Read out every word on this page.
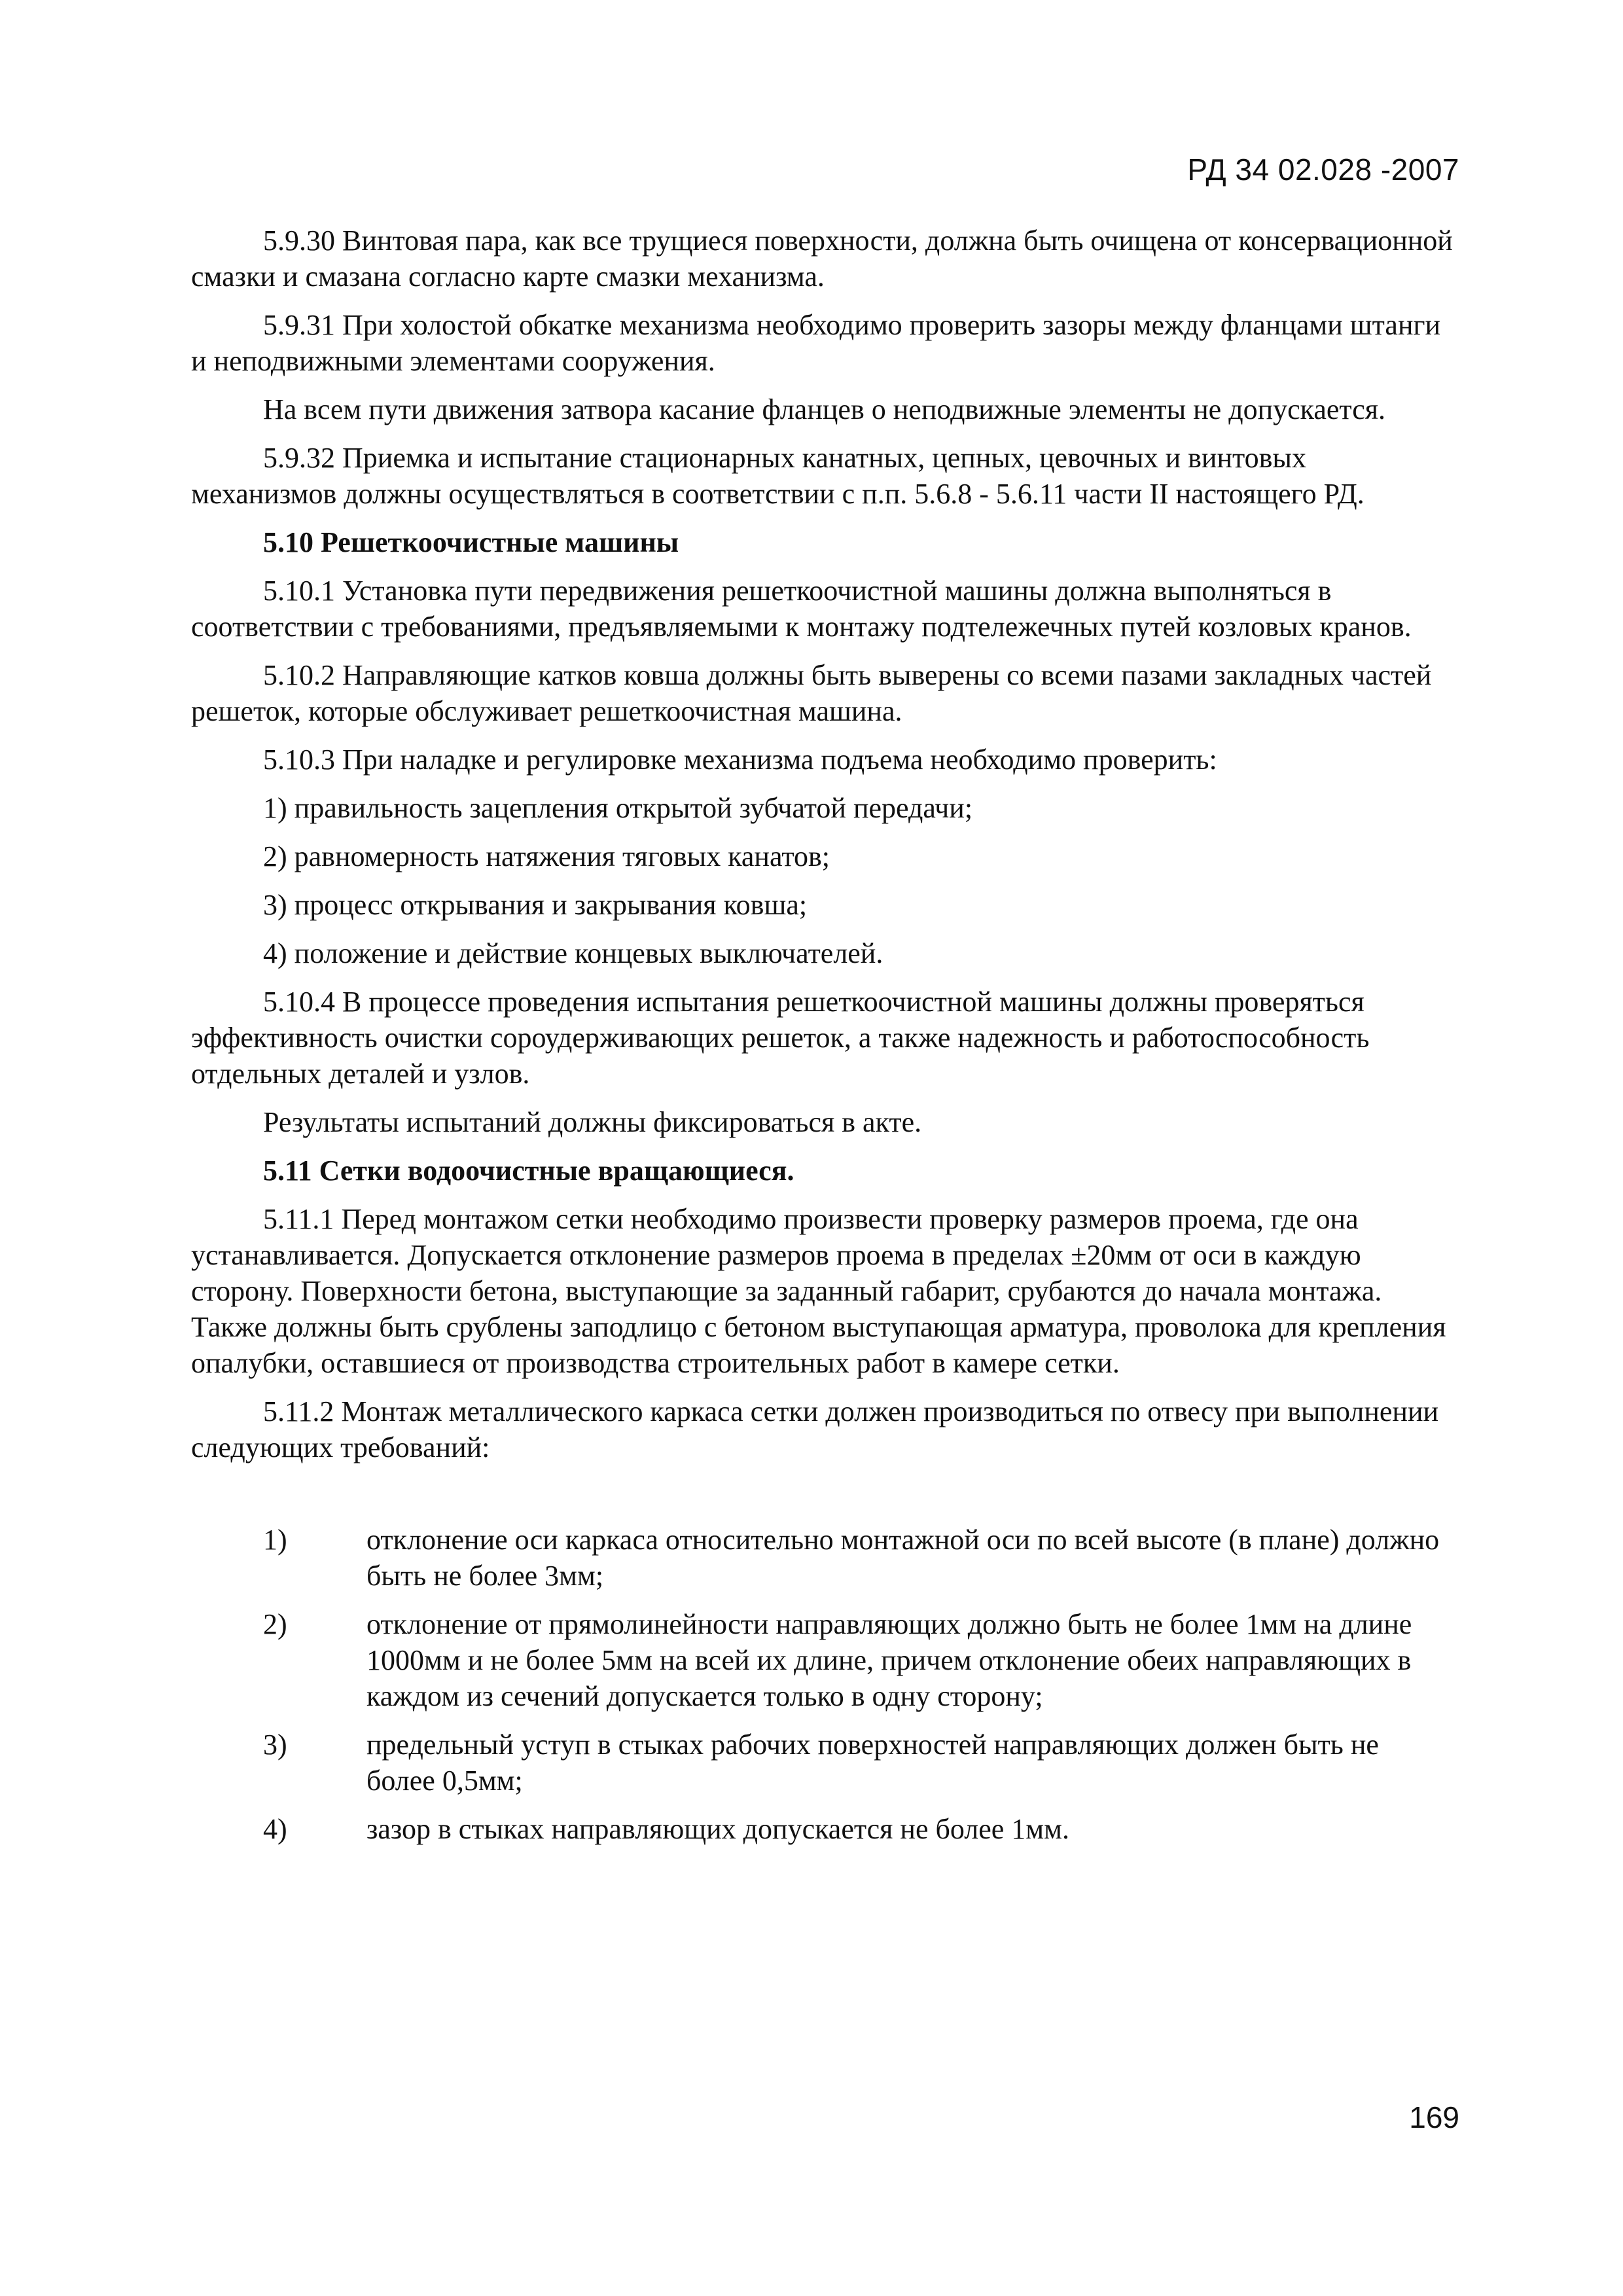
РД 34 02.028 -2007

5.9.30 Винтовая пара, как все трущиеся поверхности, должна быть очищена от консервационной смазки и смазана согласно карте смазки механизма.

5.9.31 При холостой обкатке механизма необходимо проверить зазоры между фланцами штанги и неподвижными элементами сооружения.

На всем пути движения затвора касание фланцев о неподвижные элементы не допускается.

5.9.32 Приемка и испытание стационарных канатных, цепных, цевочных и винтовых механизмов должны осуществляться в соответствии с п.п. 5.6.8 - 5.6.11 части II настоящего РД.

5.10 Решеткоочистные машины

5.10.1 Установка пути передвижения решеткоочистной машины должна выполняться в соответствии с требованиями, предъявляемыми к монтажу подтележечных путей козловых кранов.

5.10.2 Направляющие катков ковша должны быть выверены со всеми пазами закладных частей решеток, которые обслуживает решеткоочистная машина.

5.10.3 При наладке и регулировке механизма подъема необходимо проверить:

1) правильность зацепления открытой зубчатой передачи;

2) равномерность натяжения тяговых канатов;

3) процесс открывания и закрывания ковша;

4) положение и действие концевых выключателей.

5.10.4 В процессе проведения испытания решеткоочистной машины должны проверяться эффективность очистки сороудерживающих решеток, а также надежность и работоспособность отдельных деталей и узлов.

Результаты испытаний должны фиксироваться в акте.

5.11 Сетки водоочистные вращающиеся.

5.11.1 Перед монтажом сетки необходимо произвести проверку размеров проема, где она устанавливается. Допускается отклонение размеров проема в пределах ±20мм от оси в каждую сторону. Поверхности бетона, выступающие за заданный габарит, срубаются до начала монтажа. Также должны быть срублены заподлицо с бетоном выступающая арматура, проволока для крепления опалубки, оставшиеся от производства строительных работ в камере сетки.

5.11.2 Монтаж металлического каркаса сетки должен производиться по отвесу при выполнении следующих требований:

1)	отклонение оси каркаса относительно монтажной оси по всей высоте (в плане) должно быть не более 3мм;
2)	отклонение от прямолинейности направляющих должно быть не более 1мм на длине 1000мм и не более 5мм на всей их длине, причем отклонение обеих направляющих в каждом из сечений допускается только в одну сторону;
3)	предельный уступ в стыках рабочих поверхностей направляющих должен быть не более 0,5мм;
4)	зазор в стыках направляющих допускается не более 1мм.
169
